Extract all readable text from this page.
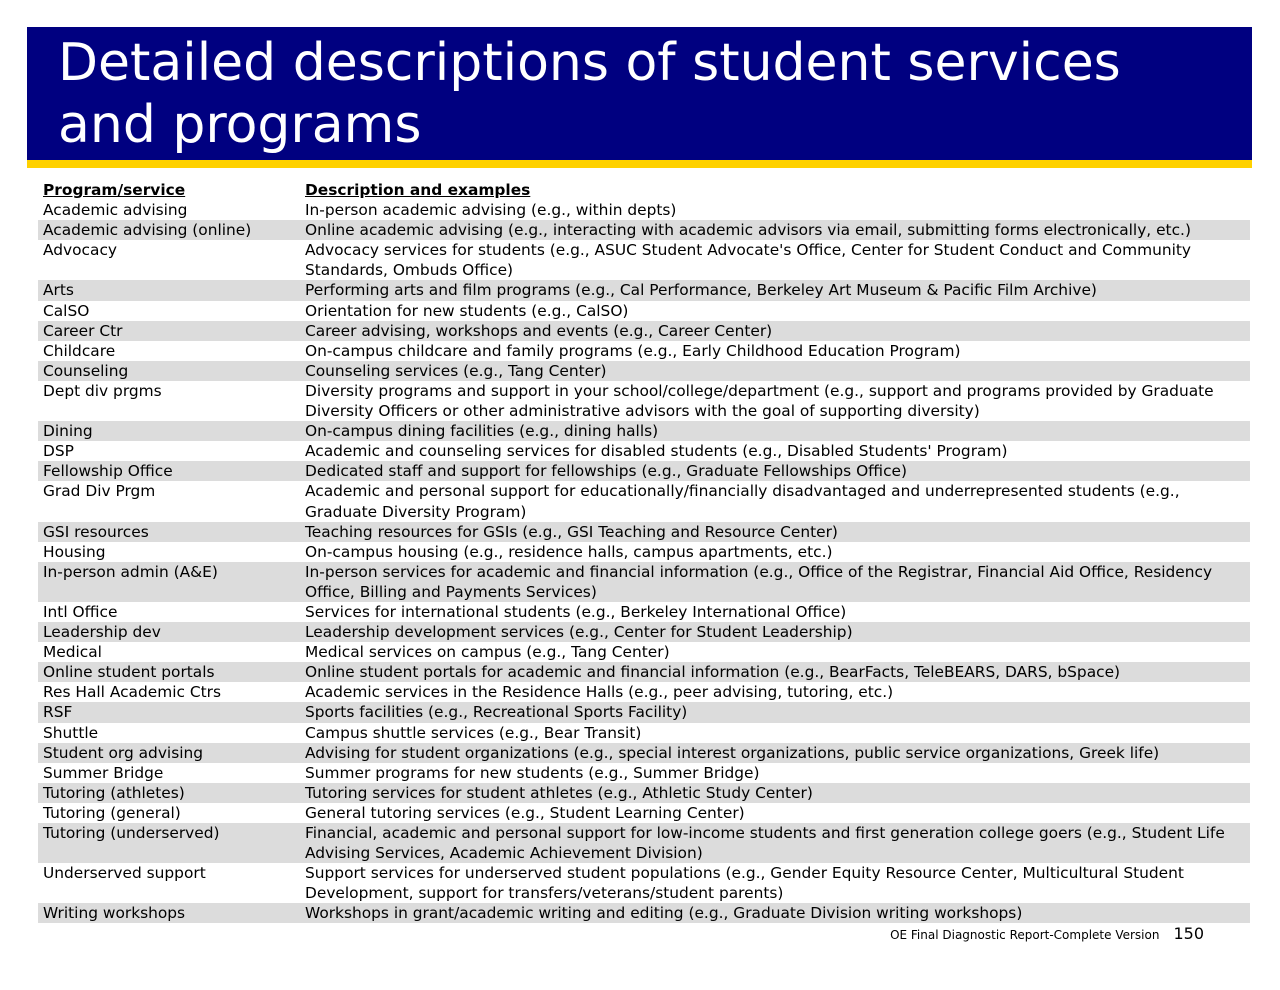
Detailed descriptions of student services and programs
Program/service	Description and examples
Academic advising	In-person academic advising (e.g., within depts)
Academic advising (online)	Online academic advising (e.g., interacting with academic advisors via email, submitting forms electronically, etc.)
Advocacy	Advocacy services for students (e.g., ASUC Student Advocate's Office, Center for Student Conduct and Community Standards, Ombuds Office)
Arts	Performing arts and film programs (e.g., Cal Performance, Berkeley Art Museum & Pacific Film Archive)
CalSO	Orientation for new students (e.g., CalSO)
Career Ctr	Career advising, workshops and events (e.g., Career Center)
Childcare	On-campus childcare and family programs (e.g., Early Childhood Education Program)
Counseling	Counseling services (e.g., Tang Center)
Dept div prgms	Diversity programs and support in your school/college/department (e.g., support and programs provided by Graduate Diversity Officers or other administrative advisors with the goal of supporting diversity)
Dining	On-campus dining facilities (e.g., dining halls)
DSP	Academic and counseling services for disabled students (e.g., Disabled Students' Program)
Fellowship Office	Dedicated staff and support for fellowships (e.g., Graduate Fellowships Office)
Grad Div Prgm	Academic and personal support for educationally/financially disadvantaged and underrepresented students (e.g., Graduate Diversity Program)
GSI resources	Teaching resources for GSIs (e.g., GSI Teaching and Resource Center)
Housing	On-campus housing (e.g., residence halls, campus apartments, etc.)
In-person admin (A&E)	In-person services for academic and financial information (e.g., Office of the Registrar, Financial Aid Office, Residency Office, Billing and Payments Services)
Intl Office	Services for international students (e.g., Berkeley International Office)
Leadership dev	Leadership development services (e.g., Center for Student Leadership)
Medical	Medical services on campus (e.g., Tang Center)
Online student portals	Online student portals for academic and financial information (e.g., BearFacts, TeleBEARS, DARS, bSpace)
Res Hall Academic Ctrs	Academic services in the Residence Halls (e.g., peer advising, tutoring, etc.)
RSF	Sports facilities (e.g., Recreational Sports Facility)
Shuttle	Campus shuttle services (e.g., Bear Transit)
Student org advising	Advising for student organizations (e.g., special interest organizations, public service organizations, Greek life)
Summer Bridge	Summer programs for new students (e.g., Summer Bridge)
Tutoring (athletes)	Tutoring services for student athletes (e.g., Athletic Study Center)
Tutoring (general)	General tutoring services (e.g., Student Learning Center)
Tutoring (underserved)	Financial, academic and personal support for low-income students and first generation college goers (e.g., Student Life Advising Services, Academic Achievement Division)
Underserved support	Support services for underserved student populations (e.g., Gender Equity Resource Center, Multicultural Student Development, support for transfers/veterans/student parents)
Writing workshops	Workshops in grant/academic writing and editing (e.g., Graduate Division writing workshops)
OE Final Diagnostic Report-Complete Version 150
